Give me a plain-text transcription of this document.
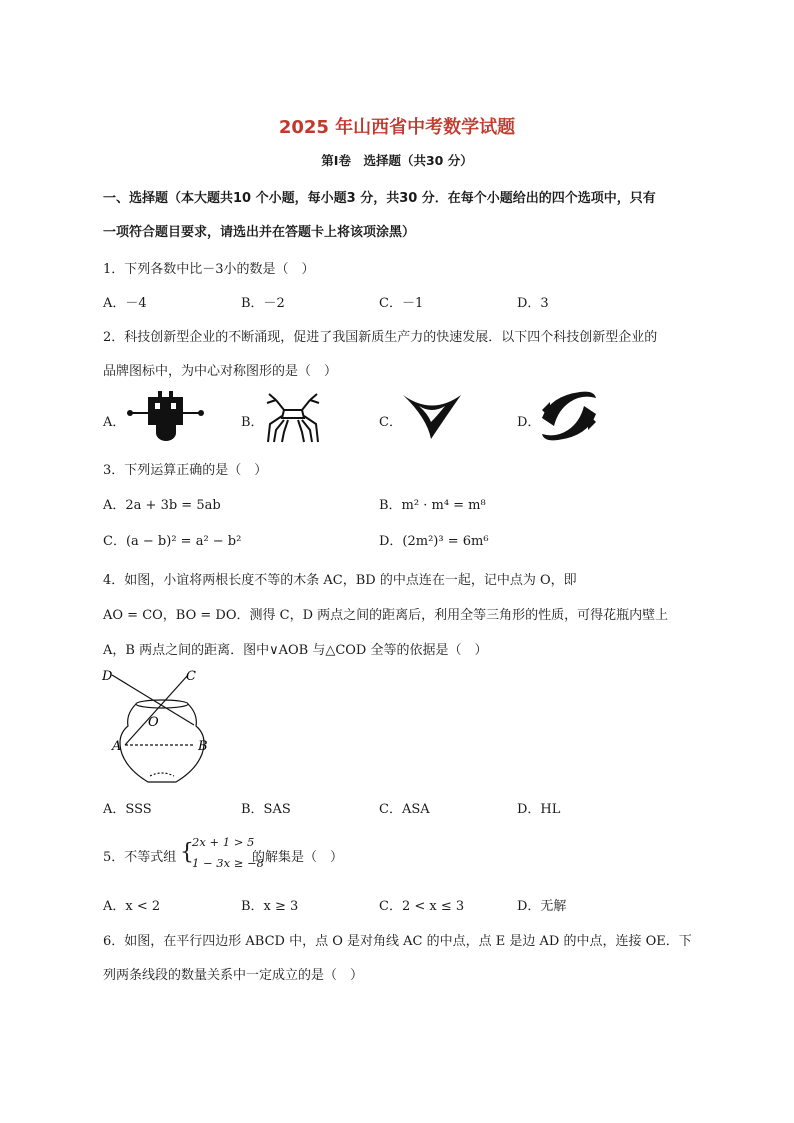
2025 年山西省中考数学试题
第Ⅰ卷　选择题（共30 分）
一、选择题（本大题共10 个小题，每小题3 分，共30 分．在每个小题给出的四个选项中，只有
一项符合题目要求，请选出并在答题卡上将该项涂黑）
1．下列各数中比－3小的数是（　）
A．－4	B．－2	C．－1	D．3
2．科技创新型企业的不断涌现，促进了我国新质生产力的快速发展．以下四个科技创新型企业的
品牌图标中，为中心对称图形的是（　）
A．	B．	C．	D．
3．下列运算正确的是（　）
A．2a + 3b = 5ab	B．m² · m⁴ = m⁸
C．(a − b)² = a² − b²	D．(2m²)³ = 6m⁶
4．如图，小谊将两根长度不等的木条 AC，BD 的中点连在一起，记中点为 O，即
AO = CO，BO = DO．测得 C，D 两点之间的距离后，利用全等三角形的性质，可得花瓶内壁上
A，B 两点之间的距离．图中∨AOB 与△COD 全等的依据是（　）
D	C
O
A	B
A．SSS	B．SAS	C．ASA	D．HL
5．不等式组 {
2x + 1 > 5
1 − 3x ≥ −8
的解集是（　）
A．x < 2	B．x ≥ 3	C．2 < x ≤ 3	D．无解
6．如图，在平行四边形 ABCD 中，点 O 是对角线 AC 的中点，点 E 是边 AD 的中点，连接 OE．下
列两条线段的数量关系中一定成立的是（　）
